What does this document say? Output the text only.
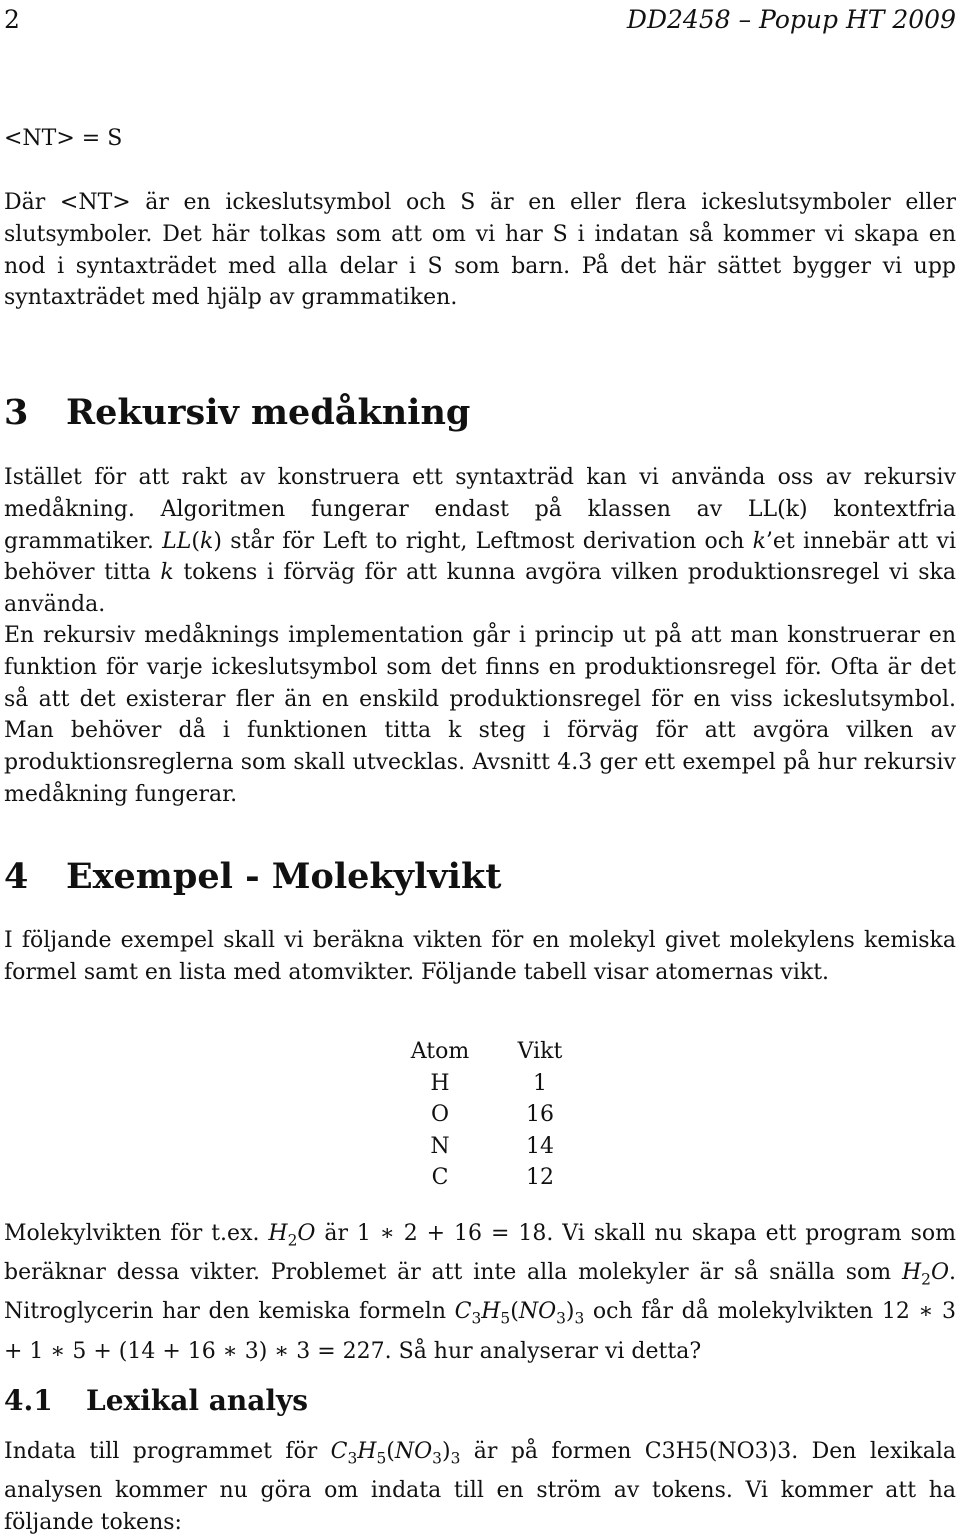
2	DD2458 – Popup HT 2009
<NT> = S

Där <NT> är en ickeslutsymbol och S är en eller flera ickeslutsymboler eller slutsymboler. Det här tolkas som att om vi har S i indatan så kommer vi skapa en nod i syntaxträdet med alla delar i S som barn. På det här sättet bygger vi upp syntaxträdet med hjälp av grammatiken.

3 Rekursiv medåkning

Istället för att rakt av konstruera ett syntaxträd kan vi använda oss av rekursiv medåkning. Algoritmen fungerar endast på klassen av LL(k) kontextfria grammatiker. LL(k) står för Left to right, Leftmost derivation och k’et innebär att vi behöver titta k tokens i förväg för att kunna avgöra vilken produktionsregel vi ska använda.

En rekursiv medåknings implementation går i princip ut på att man konstruerar en funktion för varje ickeslutsymbol som det finns en produktionsregel för. Ofta är det så att det existerar fler än en enskild produktionsregel för en viss ickeslutsymbol. Man behöver då i funktionen titta k steg i förväg för att avgöra vilken av produktionsreglerna som skall utvecklas. Avsnitt 4.3 ger ett exempel på hur rekursiv medåkning fungerar.

4 Exempel - Molekylvikt

I följande exempel skall vi beräkna vikten för en molekyl givet molekylens kemiska formel samt en lista med atomvikter. Följande tabell visar atomernas vikt.

Atom	Vikt
H	1
O	16
N	14
C	12

Molekylvikten för t.ex. $H_2O$ är 1 ∗ 2 + 16 = 18. Vi skall nu skapa ett program som beräknar dessa vikter. Problemet är att inte alla molekyler är så snälla som $H_2O$. Nitroglycerin har den kemiska formeln $C_3H_5(NO_3)_3$ och får då molekylvikten 12 ∗ 3 + 1 ∗ 5 + (14 + 16 ∗ 3) ∗ 3 = 227. Så hur analyserar vi detta?

4.1 Lexikal analys

Indata till programmet för $C_3H_5(NO_3)_3$ är på formen C3H5(NO3)3. Den lexikala analysen kommer nu göra om indata till en ström av tokens. Vi kommer att ha följande tokens:
